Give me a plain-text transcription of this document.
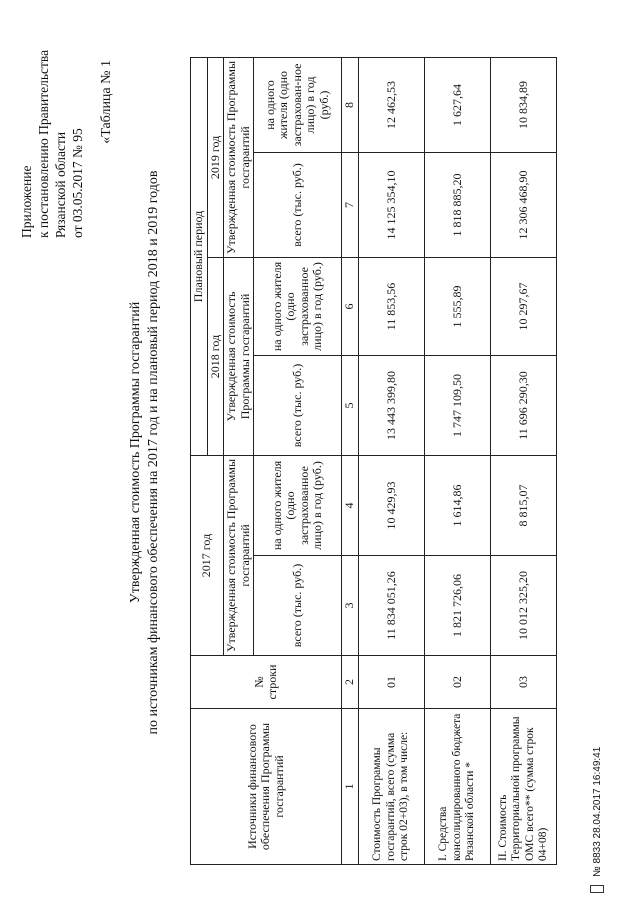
Приложение к постановлению Правительства Рязанской области от 03.05.2017 № 95
«Таблица № 1
Утвержденная стоимость Программы госгарантий по источникам финансового обеспечения на 2017 год и на плановый период 2018 и 2019 годов
Источники финансового обеспечения Программы госгарантий	№ строки	2017 год		Плановый период			
				2018 год		2019 год	
		Утвержденная стоимость Программы госгарантий		Утвержденная стоимость Программы госгарантий		Утвержденная стоимость Программы госгарантий	
		всего (тыс. руб.)	на одного жителя (одно застрахованное лицо) в год (руб.)	всего (тыс. руб.)	на одного жителя (одно застрахованное лицо) в год (руб.)	всего (тыс. руб.)	на одного жителя (одно застрахован-ное лицо) в год (руб.)
1	2	3	4	5	6	7	8
Стоимость Программы госгарантий, всего (сумма строк 02+03), в том числе:	01	11 834 051,26	10 429,93	13 443 399,80	11 853,56	14 125 354,10	12 462,53
I. Средства консолидированного бюджета Рязанской области *	02	1 821 726,06	1 614,86	1 747 109,50	1 555,89	1 818 885,20	1 627,64
II. Стоимость Территориальной программы ОМС всего** (сумма строк 04+08)	03	10 012 325,20	8 815,07	11 696 290,30	10 297,67	12 306 468,90	10 834,89
№ 8833 28.04.2017 16:49:41
